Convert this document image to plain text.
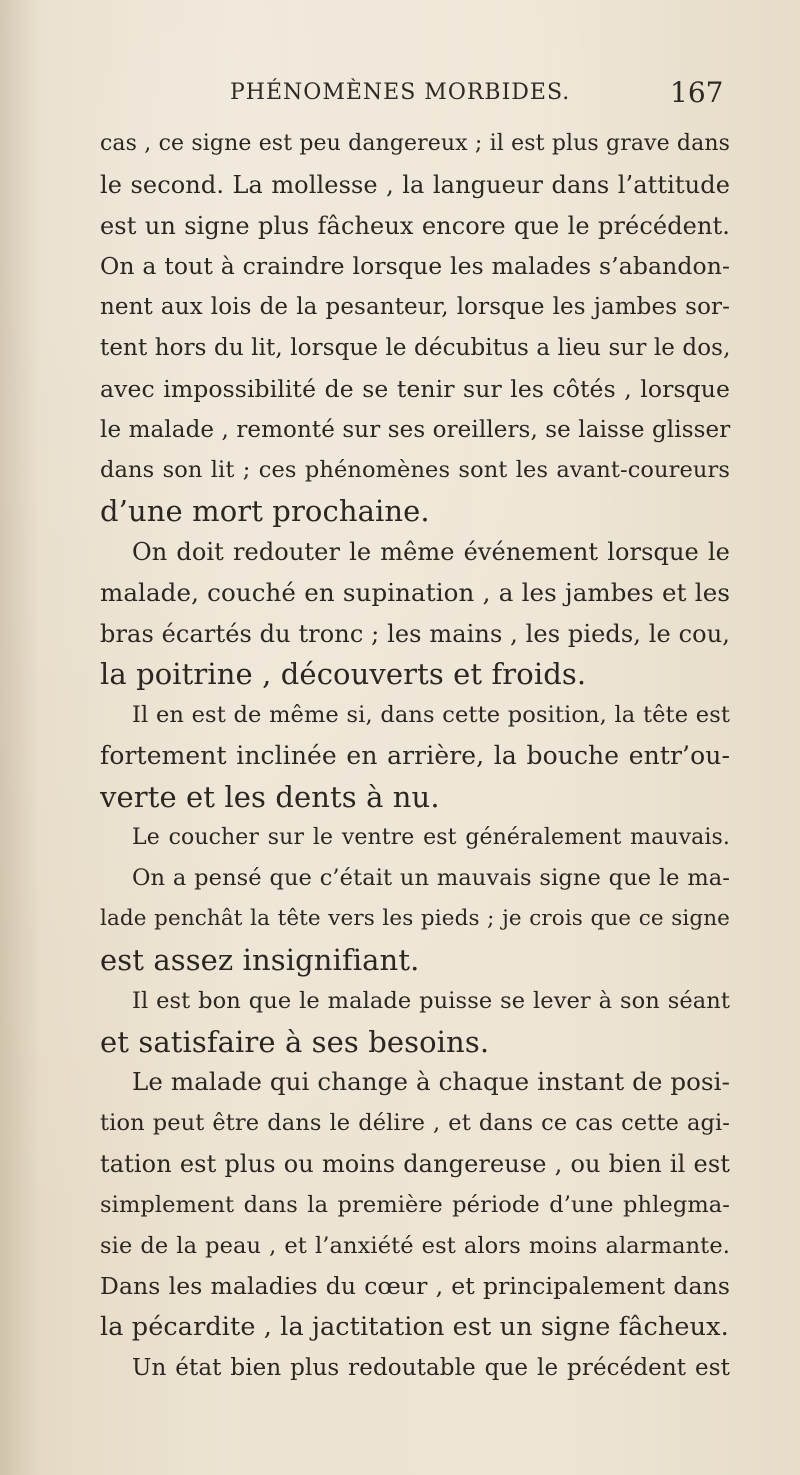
PHÉNOMÈNES MORBIDES.	167
cas , ce signe est peu dangereux ; il est plus grave dans
le second. La mollesse , la langueur dans l’attitude
est un signe plus fâcheux encore que le précédent.
On a tout à craindre lorsque les malades s’abandon-
nent aux lois de la pesanteur, lorsque les jambes sor-
tent hors du lit, lorsque le décubitus a lieu sur le dos,
avec impossibilité de se tenir sur les côtés , lorsque
le malade , remonté sur ses oreillers, se laisse glisser
dans son lit ; ces phénomènes sont les avant-coureurs
d’une mort prochaine.
On doit redouter le même événement lorsque le
malade, couché en supination , a les jambes et les
bras écartés du tronc ; les mains , les pieds, le cou,
la poitrine , découverts et froids.
Il en est de même si, dans cette position, la tête est
fortement inclinée en arrière, la bouche entr’ou-
verte et les dents à nu.
Le coucher sur le ventre est généralement mauvais.
On a pensé que c’était un mauvais signe que le ma-
lade penchât la tête vers les pieds ; je crois que ce signe
est assez insignifiant.
Il est bon que le malade puisse se lever à son séant
et satisfaire à ses besoins.
Le malade qui change à chaque instant de posi-
tion peut être dans le délire , et dans ce cas cette agi-
tation est plus ou moins dangereuse , ou bien il est
simplement dans la première période d’une phlegma-
sie de la peau , et l’anxiété est alors moins alarmante.
Dans les maladies du cœur , et principalement dans
la pécardite , la jactitation est un signe fâcheux.
Un état bien plus redoutable que le précédent est
